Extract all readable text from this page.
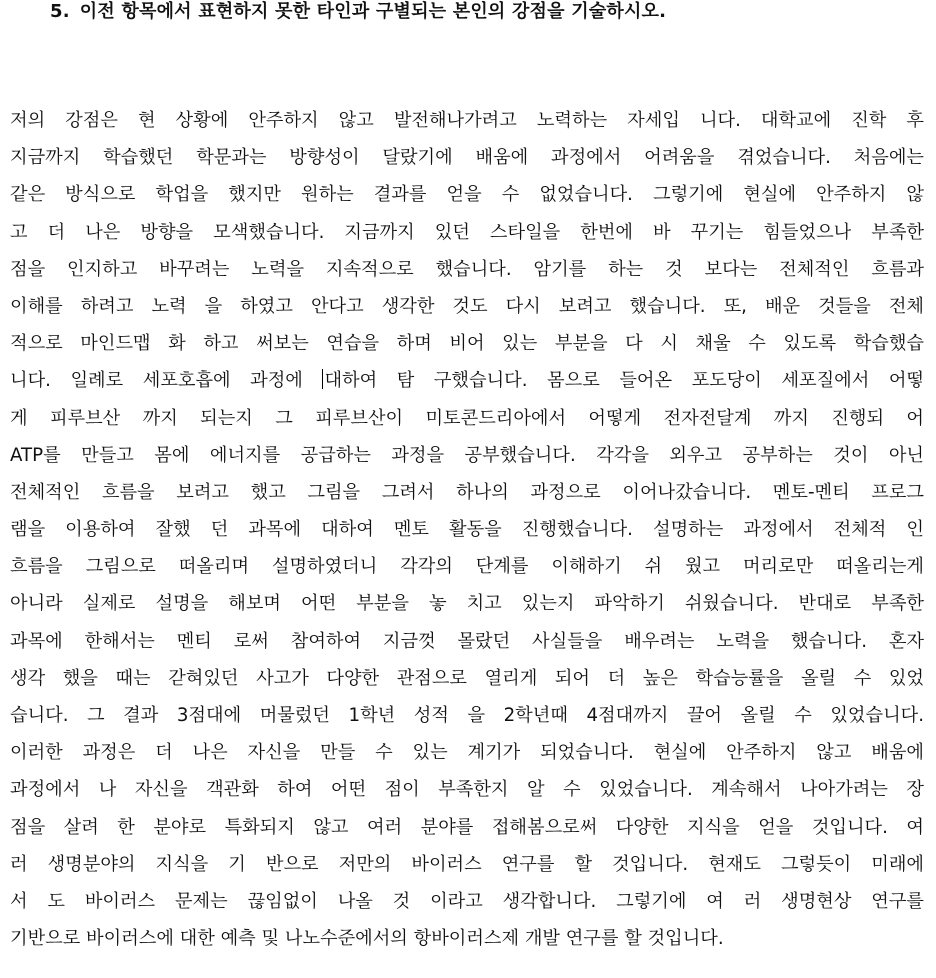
5. 이전 항목에서 표현하지 못한 타인과 구별되는 본인의 강점을 기술하시오.
저의 강점은 현 상황에 안주하지 않고 발전해나가려고 노력하는 자세입 니다. 대학교에 진학 후
지금까지 학습했던 학문과는 방향성이 달랐기에 배움에 과정에서 어려움을 겪었습니다. 처음에는
같은 방식으로 학업을 했지만 원하는 결과를 얻을 수 없었습니다. 그렇기에 현실에 안주하지 않
고 더 나은 방향을 모색했습니다. 지금까지 있던 스타일을 한번에 바 꾸기는 힘들었으나 부족한
점을 인지하고 바꾸려는 노력을 지속적으로 했습니다. 암기를 하는 것 보다는 전체적인 흐름과
이해를 하려고 노력 을 하였고 안다고 생각한 것도 다시 보려고 했습니다. 또, 배운 것들을 전체
적으로 마인드맵 화 하고 써보는 연습을 하며 비어 있는 부분을 다 시 채울 수 있도록 학습했습
니다. 일례로 세포호흡에 과정에 대하여 탐 구했습니다. 몸으로 들어온 포도당이 세포질에서 어떻
게 피루브산 까지 되는지 그 피루브산이 미토콘드리아에서 어떻게 전자전달계 까지 진행되 어
ATP를 만들고 몸에 에너지를 공급하는 과정을 공부했습니다. 각각을 외우고 공부하는 것이 아닌
전체적인 흐름을 보려고 했고 그림을 그려서 하나의 과정으로 이어나갔습니다. 멘토-멘티 프로그
램을 이용하여 잘했 던 과목에 대하여 멘토 활동을 진행했습니다. 설명하는 과정에서 전체적 인
흐름을 그림으로 떠올리며 설명하였더니 각각의 단계를 이해하기 쉬 웠고 머리로만 떠올리는게
아니라 실제로 설명을 해보며 어떤 부분을 놓 치고 있는지 파악하기 쉬웠습니다. 반대로 부족한
과목에 한해서는 멘티 로써 참여하여 지금껏 몰랐던 사실들을 배우려는 노력을 했습니다. 혼자
생각 했을 때는 갇혀있던 사고가 다양한 관점으로 열리게 되어 더 높은 학습능률을 올릴 수 있었
습니다. 그 결과 3점대에 머물렀던 1학년 성적 을 2학년때 4점대까지 끌어 올릴 수 있었습니다.
이러한 과정은 더 나은 자신을 만들 수 있는 계기가 되었습니다. 현실에 안주하지 않고 배움에
과정에서 나 자신을 객관화 하여 어떤 점이 부족한지 알 수 있었습니다. 계속해서 나아가려는 장
점을 살려 한 분야로 특화되지 않고 여러 분야를 접해봄으로써 다양한 지식을 얻을 것입니다. 여
러 생명분야의 지식을 기 반으로 저만의 바이러스 연구를 할 것입니다. 현재도 그렇듯이 미래에
서 도 바이러스 문제는 끊임없이 나올 것 이라고 생각합니다. 그렇기에 여 러 생명현상 연구를
기반으로 바이러스에 대한 예측 및 나노수준에서의 항바이러스제 개발 연구를 할 것입니다.
